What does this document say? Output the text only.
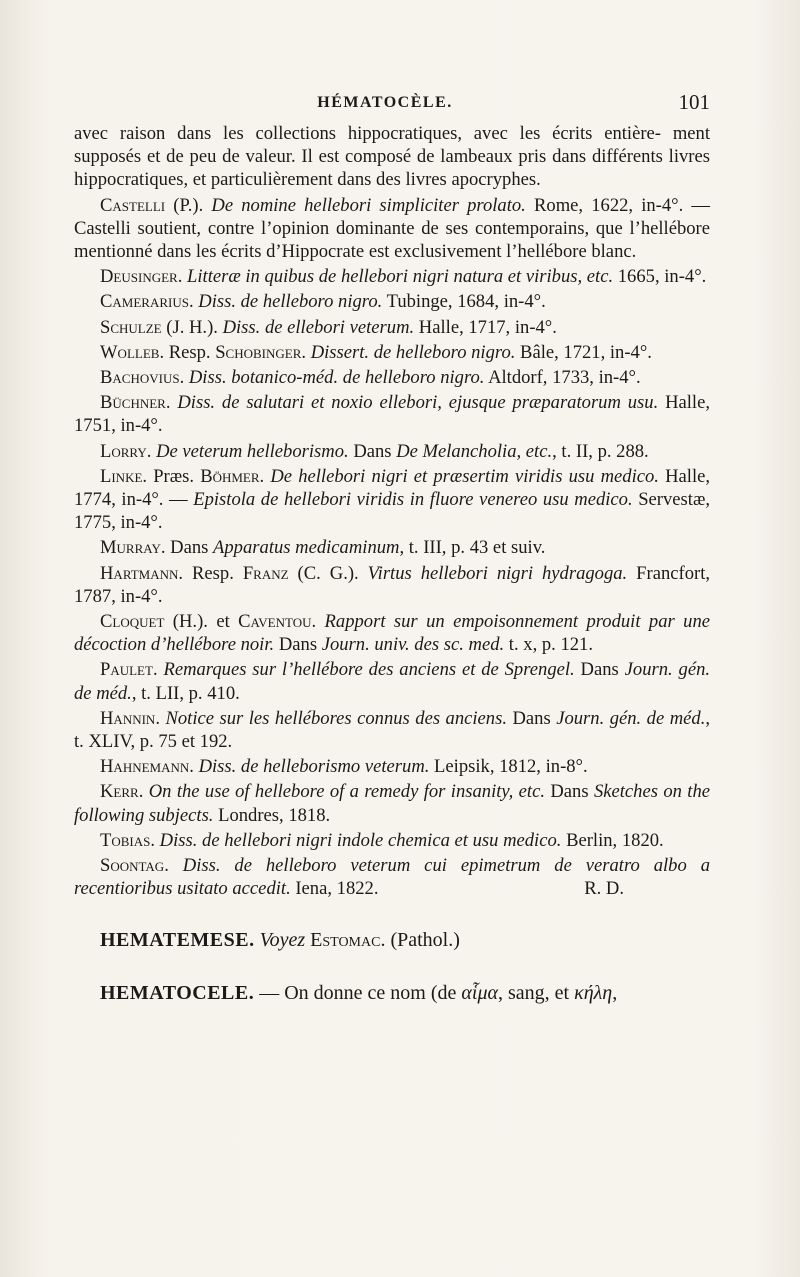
HÉMATOCÈLE.	101

avec raison dans les collections hippocratiques, avec les écrits entière- ment supposés et de peu de valeur. Il est composé de lambeaux pris dans différents livres hippocratiques, et particulièrement dans des livres apocryphes.

Castelli (P.). De nomine hellebori simpliciter prolato. Rome, 1622, in-4°. — Castelli soutient, contre l’opinion dominante de ses contemporains, que l’hellébore mentionné dans les écrits d’Hippocrate est exclusivement l’hellébore blanc.

Deusinger. Litteræ in quibus de hellebori nigri natura et viribus, etc. 1665, in-4°.

Camerarius. Diss. de helleboro nigro. Tubinge, 1684, in-4°.

Schulze (J. H.). Diss. de ellebori veterum. Halle, 1717, in-4°.

Wolleb. Resp. Schobinger. Dissert. de helleboro nigro. Bâle, 1721, in-4°.

Bachovius. Diss. botanico-méd. de helleboro nigro. Altdorf, 1733, in-4°.

Büchner. Diss. de salutari et noxio ellebori, ejusque præparatorum usu. Halle, 1751, in-4°.

Lorry. De veterum helleborismo. Dans De Melancholia, etc., t. II, p. 288.

Linke. Præs. Böhmer. De hellebori nigri et præsertim viridis usu medico. Halle, 1774, in-4°. — Epistola de hellebori viridis in fluore venereo usu medico. Servestæ, 1775, in-4°.

Murray. Dans Apparatus medicaminum, t. III, p. 43 et suiv.

Hartmann. Resp. Franz (C. G.). Virtus hellebori nigri hydragoga. Francfort, 1787, in-4°.

Cloquet (H.). et Caventou. Rapport sur un empoisonnement produit par une décoction d’hellébore noir. Dans Journ. univ. des sc. med. t. x, p. 121.

Paulet. Remarques sur l’hellébore des anciens et de Sprengel. Dans Journ. gén. de méd., t. LII, p. 410.

Hannin. Notice sur les hellébores connus des anciens. Dans Journ. gén. de méd., t. XLIV, p. 75 et 192.

Hahnemann. Diss. de helleborismo veterum. Leipsik, 1812, in-8°.

Kerr. On the use of hellebore of a remedy for insanity, etc. Dans Sketches on the following subjects. Londres, 1818.

Tobias. Diss. de hellebori nigri indole chemica et usu medico. Berlin, 1820.

Soontag. Diss. de helleboro veterum cui epimetrum de veratro albo a recentioribus usitato accedit. Iena, 1822.	R. D.

HEMATEMESE. Voyez Estomac. (Pathol.)

HEMATOCELE. — On donne ce nom (de αἷμα, sang, et κήλη,
